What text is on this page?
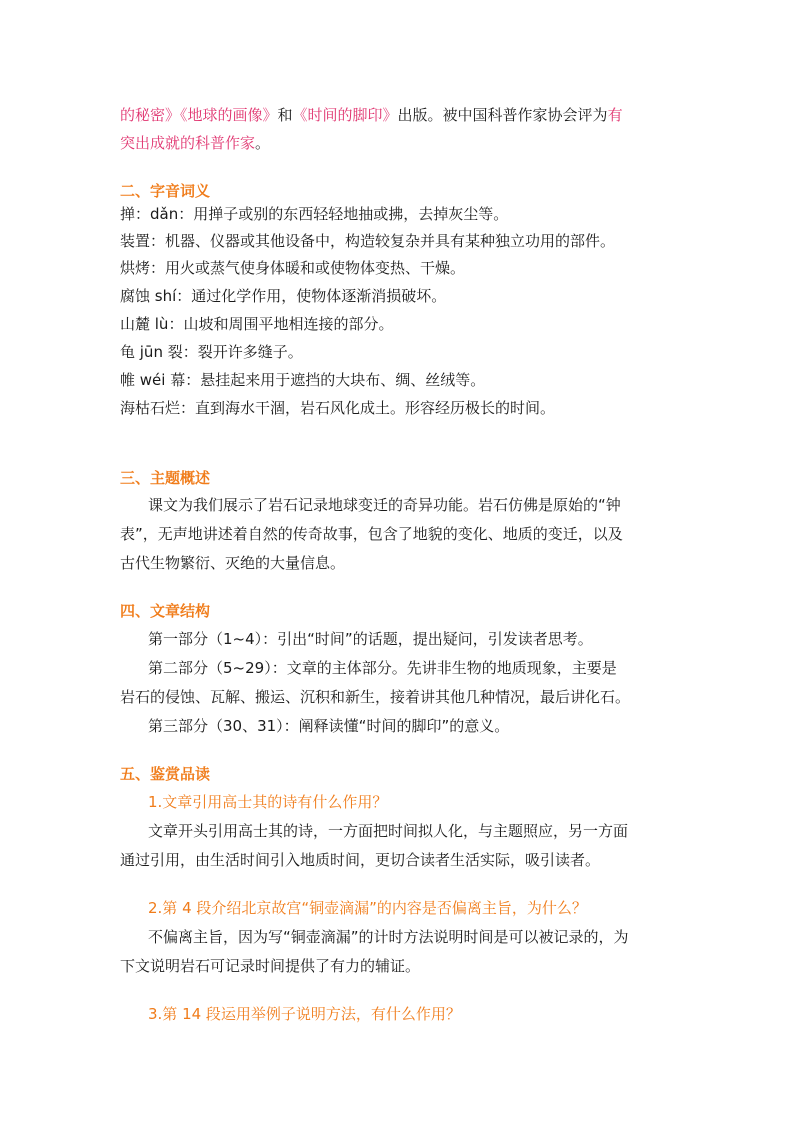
的秘密》《地球的画像》和《时间的脚印》出版。被中国科普作家协会评为有
突出成就的科普作家。
二、字音词义
掸：dǎn：用掸子或别的东西轻轻地抽或拂，去掉灰尘等。
装置：机器、仪器或其他设备中，构造较复杂并具有某种独立功用的部件。
烘烤：用火或蒸气使身体暖和或使物体变热、干燥。
腐蚀 shí：通过化学作用，使物体逐渐消损破坏。
山麓 lù：山坡和周围平地相连接的部分。
龟 jūn 裂：裂开许多缝子。
帷 wéi 幕：悬挂起来用于遮挡的大块布、绸、丝绒等。
海枯石烂：直到海水干涸，岩石风化成土。形容经历极长的时间。
三、主题概述
课文为我们展示了岩石记录地球变迁的奇异功能。岩石仿佛是原始的“钟
表”，无声地讲述着自然的传奇故事，包含了地貌的变化、地质的变迁，以及
古代生物繁衍、灭绝的大量信息。
四、文章结构
第一部分（1~4）：引出“时间”的话题，提出疑问，引发读者思考。
第二部分（5~29）：文章的主体部分。先讲非生物的地质现象，主要是
岩石的侵蚀、瓦解、搬运、沉积和新生，接着讲其他几种情况，最后讲化石。
第三部分（30、31）：阐释读懂“时间的脚印”的意义。
五、鉴赏品读
1.文章引用高士其的诗有什么作用？
文章开头引用高士其的诗，一方面把时间拟人化，与主题照应，另一方面
通过引用，由生活时间引入地质时间，更切合读者生活实际，吸引读者。
2.第 4 段介绍北京故宫“铜壶滴漏”的内容是否偏离主旨，为什么？
不偏离主旨，因为写“铜壶滴漏”的计时方法说明时间是可以被记录的，为
下文说明岩石可记录时间提供了有力的辅证。
3.第 14 段运用举例子说明方法，有什么作用？
